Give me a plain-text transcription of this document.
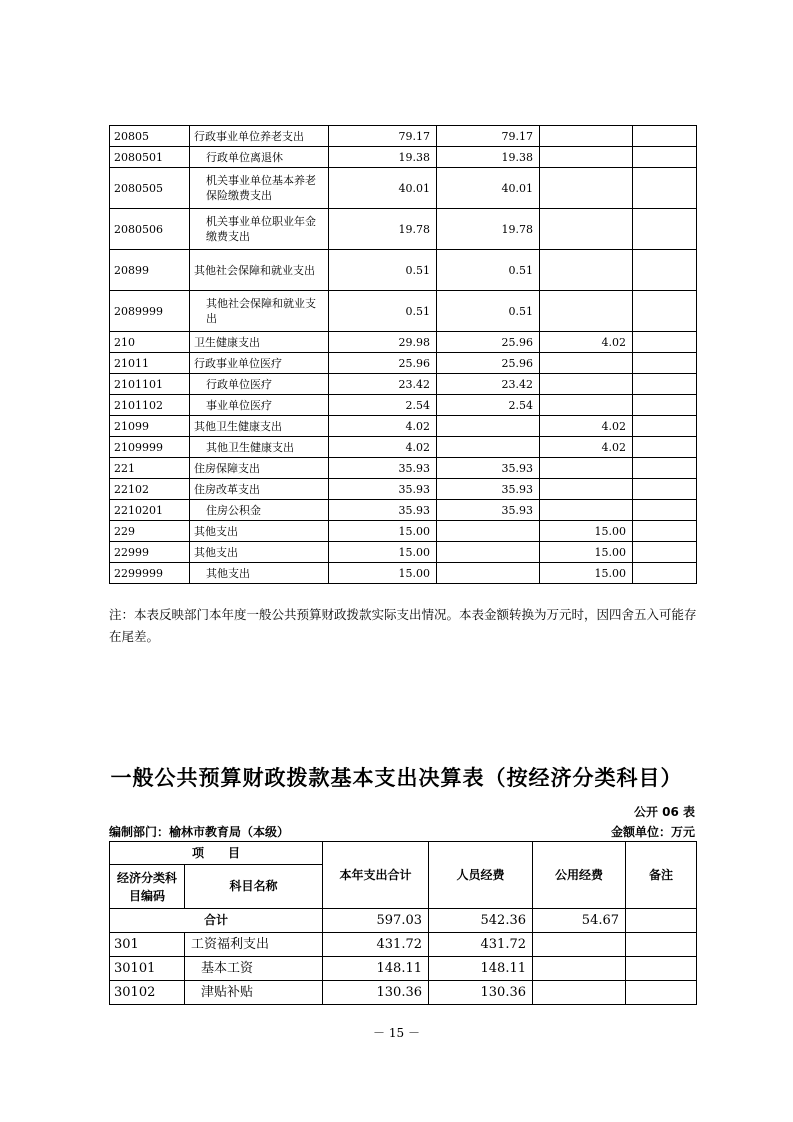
20805	行政事业单位养老支出	79.17	79.17		
2080501	行政单位离退休	19.38	19.38		
2080505	机关事业单位基本养老保险缴费支出	40.01	40.01		
2080506	机关事业单位职业年金缴费支出	19.78	19.78		
20899	其他社会保障和就业支出	0.51	0.51		
2089999	其他社会保障和就业支出	0.51	0.51		
210	卫生健康支出	29.98	25.96	4.02	
21011	行政事业单位医疗	25.96	25.96		
2101101	行政单位医疗	23.42	23.42		
2101102	事业单位医疗	2.54	2.54		
21099	其他卫生健康支出	4.02		4.02	
2109999	其他卫生健康支出	4.02		4.02	
221	住房保障支出	35.93	35.93		
22102	住房改革支出	35.93	35.93		
2210201	住房公积金	35.93	35.93		
229	其他支出	15.00		15.00	
22999	其他支出	15.00		15.00	
2299999	其他支出	15.00		15.00	
注：本表反映部门本年度一般公共预算财政拨款实际支出情况。本表金额转换为万元时，因四舍五入可能存在尾差。
一般公共预算财政拨款基本支出决算表（按经济分类科目）
公开 06 表
编制部门：榆林市教育局（本级）	金额单位：万元
项　　目		本年支出合计	人员经费	公用经费	备注
经济分类科目编码	科目名称				
合计		597.03	542.36	54.67	
301	工资福利支出	431.72	431.72		
30101	基本工资	148.11	148.11		
30102	津贴补贴	130.36	130.36		
－ 15 －
